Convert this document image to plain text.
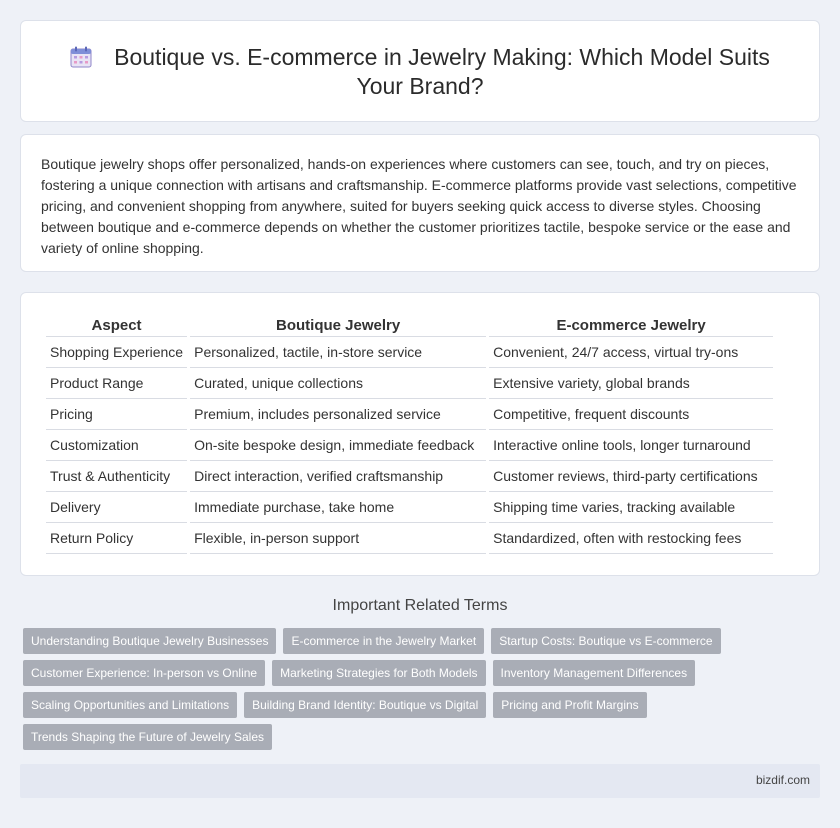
Boutique vs. E-commerce in Jewelry Making: Which Model Suits Your Brand?

Boutique jewelry shops offer personalized, hands-on experiences where customers can see, touch, and try on pieces, fostering a unique connection with artisans and craftsmanship. E-commerce platforms provide vast selections, competitive pricing, and convenient shopping from anywhere, suited for buyers seeking quick access to diverse styles. Choosing between boutique and e-commerce depends on whether the customer prioritizes tactile, bespoke service or the ease and variety of online shopping.

Aspect	Boutique Jewelry	E-commerce Jewelry
Shopping Experience	Personalized, tactile, in-store service	Convenient, 24/7 access, virtual try-ons
Product Range	Curated, unique collections	Extensive variety, global brands
Pricing	Premium, includes personalized service	Competitive, frequent discounts
Customization	On-site bespoke design, immediate feedback	Interactive online tools, longer turnaround
Trust & Authenticity	Direct interaction, verified craftsmanship	Customer reviews, third-party certifications
Delivery	Immediate purchase, take home	Shipping time varies, tracking available
Return Policy	Flexible, in-person support	Standardized, often with restocking fees
Important Related Terms
Understanding Boutique Jewelry Businesses	E-commerce in the Jewelry Market	Startup Costs: Boutique vs E-commerce
Customer Experience: In-person vs Online	Marketing Strategies for Both Models	Inventory Management Differences
Scaling Opportunities and Limitations	Building Brand Identity: Boutique vs Digital	Pricing and Profit Margins
Trends Shaping the Future of Jewelry Sales
bizdif.com
